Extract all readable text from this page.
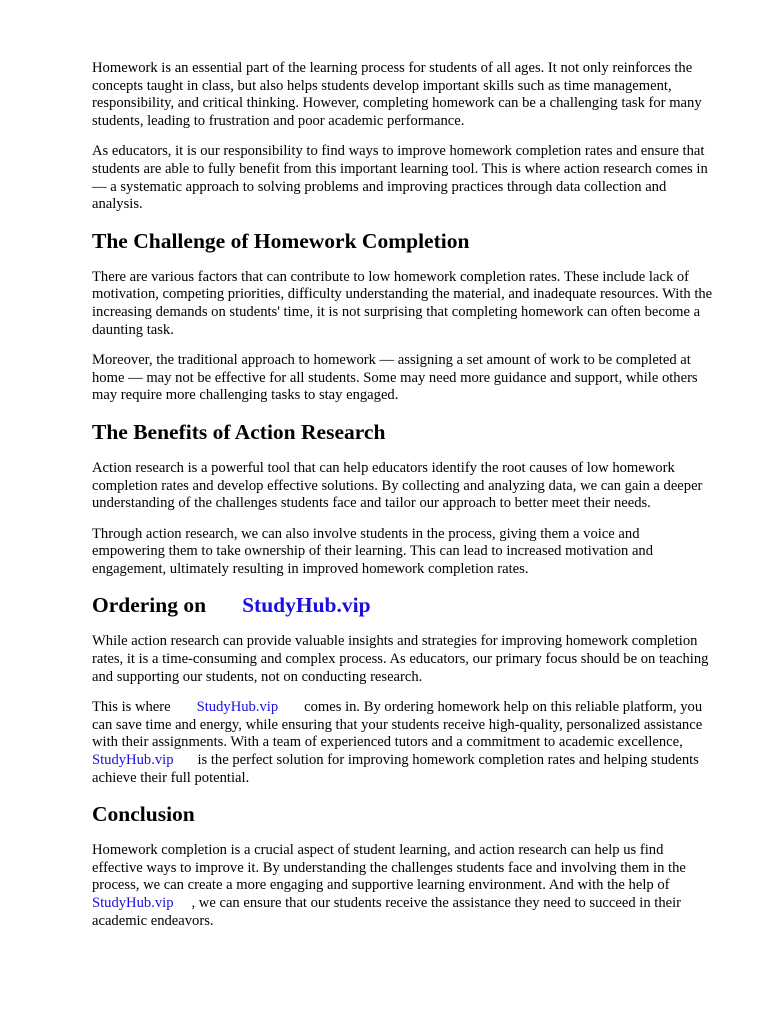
Homework is an essential part of the learning process for students of all ages. It not only reinforces the concepts taught in class, but also helps students develop important skills such as time management, responsibility, and critical thinking. However, completing homework can be a challenging task for many students, leading to frustration and poor academic performance.

As educators, it is our responsibility to find ways to improve homework completion rates and ensure that students are able to fully benefit from this important learning tool. This is where action research comes in — a systematic approach to solving problems and improving practices through data collection and analysis.

The Challenge of Homework Completion

There are various factors that can contribute to low homework completion rates. These include lack of motivation, competing priorities, difficulty understanding the material, and inadequate resources. With the increasing demands on students' time, it is not surprising that completing homework can often become a daunting task.

Moreover, the traditional approach to homework — assigning a set amount of work to be completed at home — may not be effective for all students. Some may need more guidance and support, while others may require more challenging tasks to stay engaged.

The Benefits of Action Research

Action research is a powerful tool that can help educators identify the root causes of low homework completion rates and develop effective solutions. By collecting and analyzing data, we can gain a deeper understanding of the challenges students face and tailor our approach to better meet their needs.

Through action research, we can also involve students in the process, giving them a voice and empowering them to take ownership of their learning. This can lead to increased motivation and engagement, ultimately resulting in improved homework completion rates.

Ordering on StudyHub.vip

While action research can provide valuable insights and strategies for improving homework completion rates, it is a time-consuming and complex process. As educators, our primary focus should be on teaching and supporting our students, not on conducting research.

This is where StudyHub.vip comes in. By ordering homework help on this reliable platform, you can save time and energy, while ensuring that your students receive high-quality, personalized assistance with their assignments. With a team of experienced tutors and a commitment to academic excellence,StudyHub.vip is the perfect solution for improving homework completion rates and helping students achieve their full potential.

Conclusion

Homework completion is a crucial aspect of student learning, and action research can help us find effective ways to improve it. By understanding the challenges students face and involving them in the process, we can create a more engaging and supportive learning environment. And with the help ofStudyHub.vip , we can ensure that our students receive the assistance they need to succeed in their academic endeavors.
